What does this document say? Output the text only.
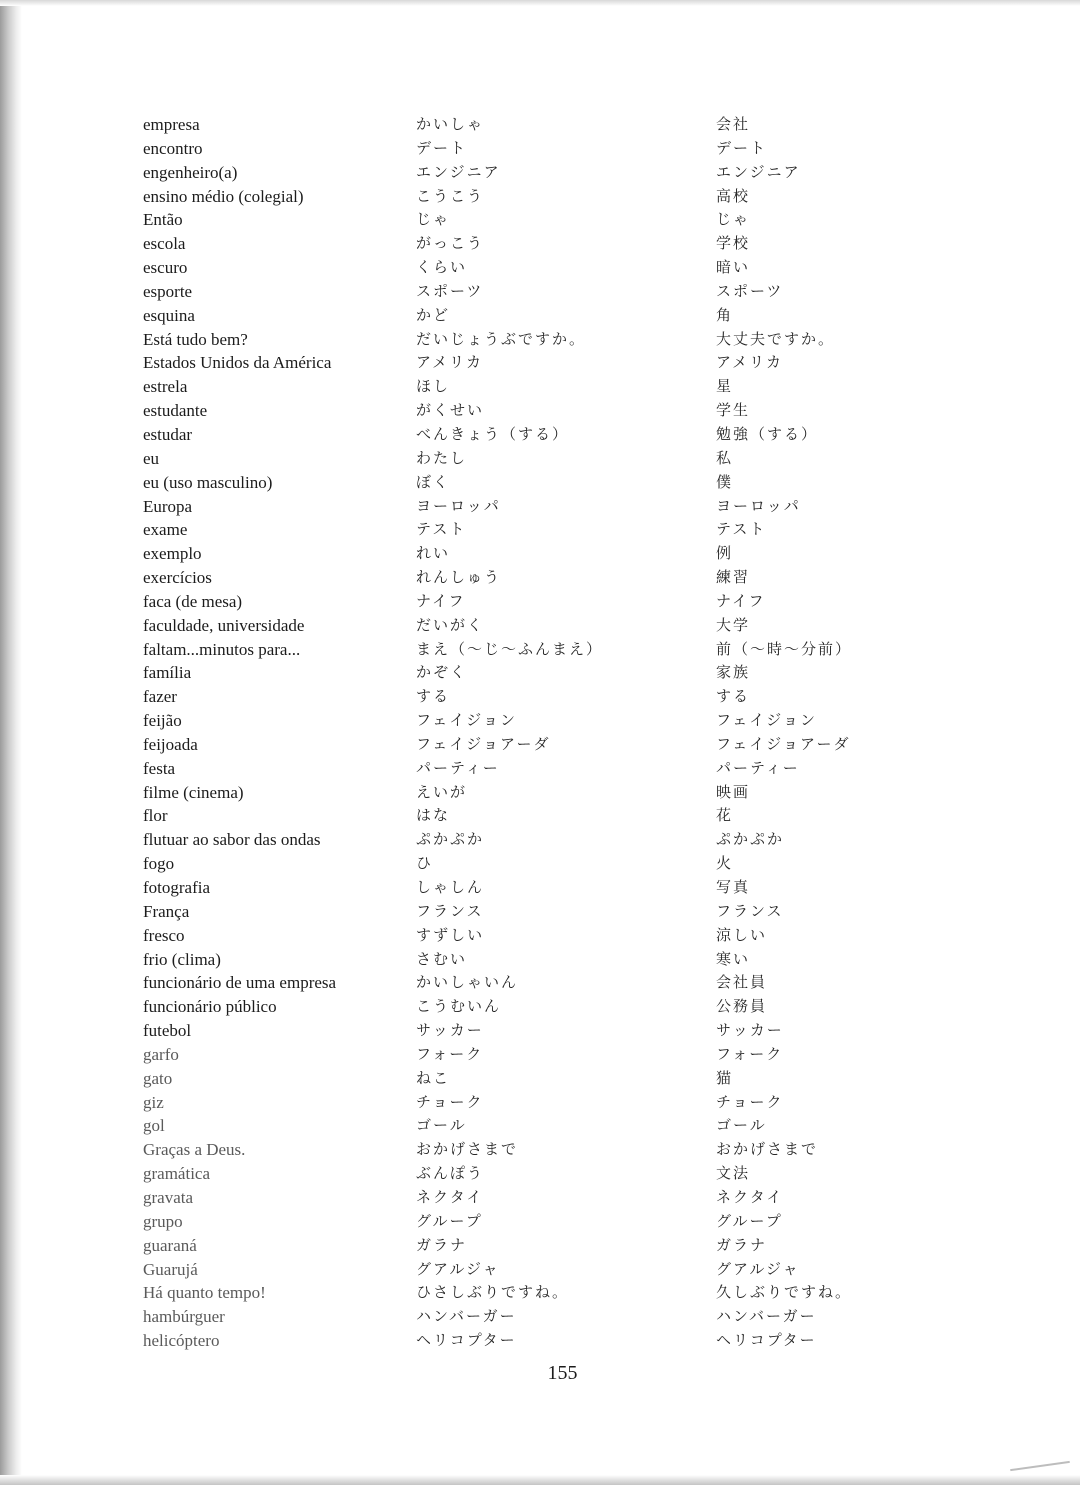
empresa	かいしゃ	会社
encontro	デート	デート
engenheiro(a)	エンジニア	エンジニア
ensino médio (colegial)	こうこう	高校
Então	じゃ	じゃ
escola	がっこう	学校
escuro	くらい	暗い
esporte	スポーツ	スポーツ
esquina	かど	角
Está tudo bem?	だいじょうぶですか。	大丈夫ですか。
Estados Unidos da América	アメリカ	アメリカ
estrela	ほし	星
estudante	がくせい	学生
estudar	べんきょう（する）	勉強（する）
eu	わたし	私
eu (uso masculino)	ぼく	僕
Europa	ヨーロッパ	ヨーロッパ
exame	テスト	テスト
exemplo	れい	例
exercícios	れんしゅう	練習
faca (de mesa)	ナイフ	ナイフ
faculdade, universidade	だいがく	大学
faltam...minutos para...	まえ（～じ～ふんまえ）	前（～時～分前）
família	かぞく	家族
fazer	する	する
feijão	フェイジョン	フェイジョン
feijoada	フェイジョアーダ	フェイジョアーダ
festa	パーティー	パーティー
filme (cinema)	えいが	映画
flor	はな	花
flutuar ao sabor das ondas	ぷかぷか	ぷかぷか
fogo	ひ	火
fotografia	しゃしん	写真
França	フランス	フランス
fresco	すずしい	涼しい
frio (clima)	さむい	寒い
funcionário de uma empresa	かいしゃいん	会社員
funcionário público	こうむいん	公務員
futebol	サッカー	サッカー
garfo	フォーク	フォーク
gato	ねこ	猫
giz	チョーク	チョーク
gol	ゴール	ゴール
Graças a Deus.	おかげさまで	おかげさまで
gramática	ぶんぽう	文法
gravata	ネクタイ	ネクタイ
grupo	グループ	グループ
guaraná	ガラナ	ガラナ
Guarujá	グアルジャ	グアルジャ
Há quanto tempo!	ひさしぶりですね。	久しぶりですね。
hambúrguer	ハンバーガー	ハンバーガー
helicóptero	ヘリコプター	ヘリコプター
155
